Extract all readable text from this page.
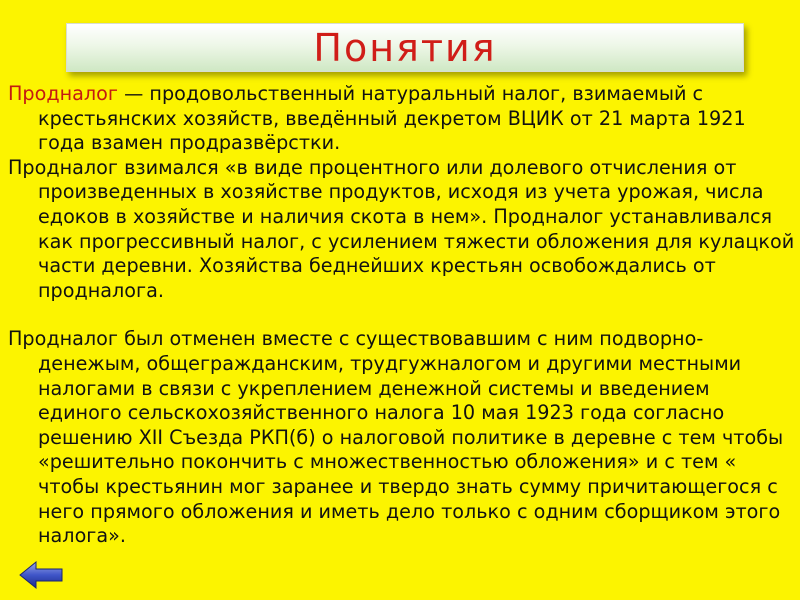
Понятия

Продналог — продовольственный натуральный налог, взимаемый с крестьянских хозяйств, введённый декретом ВЦИК от 21 марта 1921 года взамен продразвёрстки.

Продналог взимался «в виде процентного или долевого отчисления от произведенных в хозяйстве продуктов, исходя из учета урожая, числа едоков в хозяйстве и наличия скота в нем». Продналог устанавливался как прогрессивный налог, с усилением тяжести обложения для кулацкой части деревни. Хозяйства беднейших крестьян освобождались от продналога.

Продналог был отменен вместе с существовавшим с ним подворно-денежым, общегражданским, трудгужналогом и другими местными налогами в связи с укреплением денежной системы и введением единого сельскохозяйственного налога 10 мая 1923 года согласно решению XII Съезда РКП(б) о налоговой политике в деревне с тем чтобы «решительно покончить с множественностью обложения» и с тем « чтобы крестьянин мог заранее и твердо знать сумму причитающегося с него прямого обложения и иметь дело только с одним сборщиком этого налога».
